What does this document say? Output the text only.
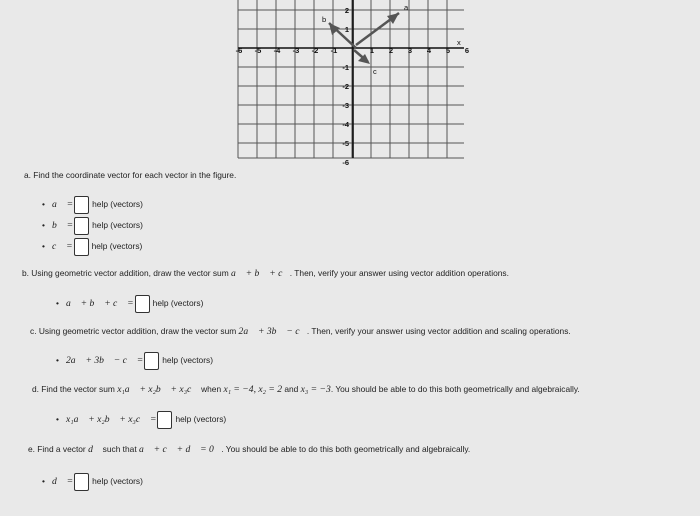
-6 -5 -4 -3 -2 -1	1 2 3 4 5 6
2
1
-1
-2
-3
-4
-5
-6
x
a
b
c
a. Find the coordinate vector for each vector in the figure.
• a⃗ = help (vectors)
• b⃗ = help (vectors)
• c⃗ = help (vectors)
b. Using geometric vector addition, draw the vector sum a⃗ + b⃗ + c⃗. Then, verify your answer using vector addition operations.
• a⃗ + b⃗ + c⃗ = help (vectors)
c. Using geometric vector addition, draw the vector sum 2a⃗ + 3b⃗ − c⃗. Then, verify your answer using vector addition and scaling operations.
• 2a⃗ + 3b⃗ − c⃗ = help (vectors)
d. Find the vector sum x₁a⃗ + x₂b⃗ + x₃c⃗ when x₁ = −4, x₂ = 2 and x₃ = −3. You should be able to do this both geometrically and algebraically.
• x₁a⃗ + x₂b⃗ + x₃c⃗ = help (vectors)
e. Find a vector d⃗ such that a⃗ + c⃗ + d⃗ = 0⃗. You should be able to do this both geometrically and algebraically.
• d⃗ = help (vectors)
